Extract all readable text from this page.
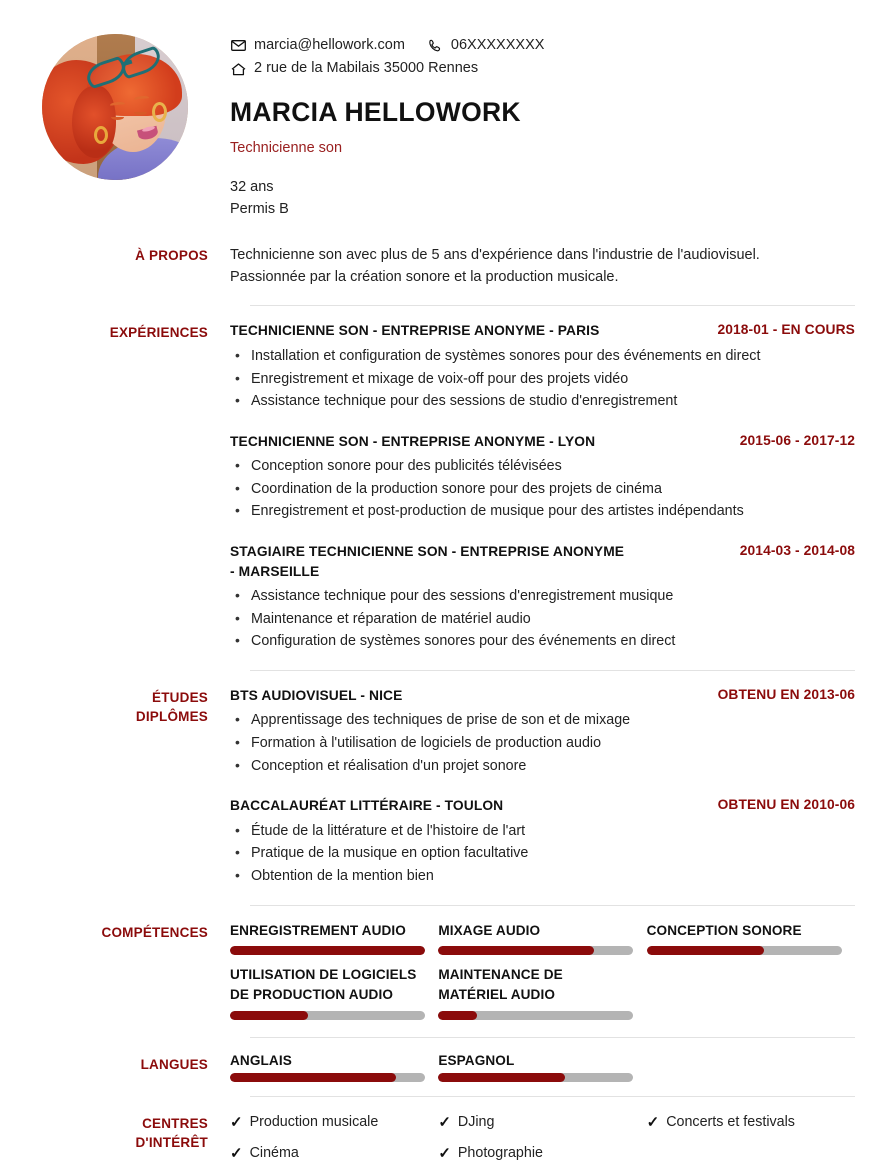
marcia@hellowork.com	06XXXXXXXX
2 rue de la Mabilais 35000 Rennes
MARCIA HELLOWORK
Technicienne son
32 ans
Permis B
À PROPOS	Technicienne son avec plus de 5 ans d'expérience dans l'industrie de l'audiovisuel.
Passionnée par la création sonore et la production musicale.
EXPÉRIENCES	TECHNICIENNE SON - ENTREPRISE ANONYME - PARIS	2018-01 - EN COURS
• Installation et configuration de systèmes sonores pour des événements en direct
• Enregistrement et mixage de voix-off pour des projets vidéo
• Assistance technique pour des sessions de studio d'enregistrement
TECHNICIENNE SON - ENTREPRISE ANONYME - LYON	2015-06 - 2017-12
• Conception sonore pour des publicités télévisées
• Coordination de la production sonore pour des projets de cinéma
• Enregistrement et post-production de musique pour des artistes indépendants
STAGIAIRE TECHNICIENNE SON - ENTREPRISE ANONYME - MARSEILLE
2014-03 - 2014-08
• Assistance technique pour des sessions d'enregistrement musique
• Maintenance et réparation de matériel audio
• Configuration de systèmes sonores pour des événements en direct
ÉTUDES
DIPLÔMES
BTS AUDIOVISUEL - NICE	OBTENU EN 2013-06
• Apprentissage des techniques de prise de son et de mixage
• Formation à l'utilisation de logiciels de production audio
• Conception et réalisation d'un projet sonore
BACCALAURÉAT LITTÉRAIRE - TOULON	OBTENU EN 2010-06
• Étude de la littérature et de l'histoire de l'art
• Pratique de la musique en option facultative
• Obtention de la mention bien
COMPÉTENCES	ENREGISTREMENT AUDIO	MIXAGE AUDIO	CONCEPTION SONORE
UTILISATION DE LOGICIELS DE PRODUCTION AUDIO
MAINTENANCE DE MATÉRIEL AUDIO
LANGUES	ANGLAIS	ESPAGNOL
CENTRES
D'INTÉRÊT
✓ Production musicale	✓ DJing	✓ Concerts et festivals
✓ Cinéma	✓ Photographie
